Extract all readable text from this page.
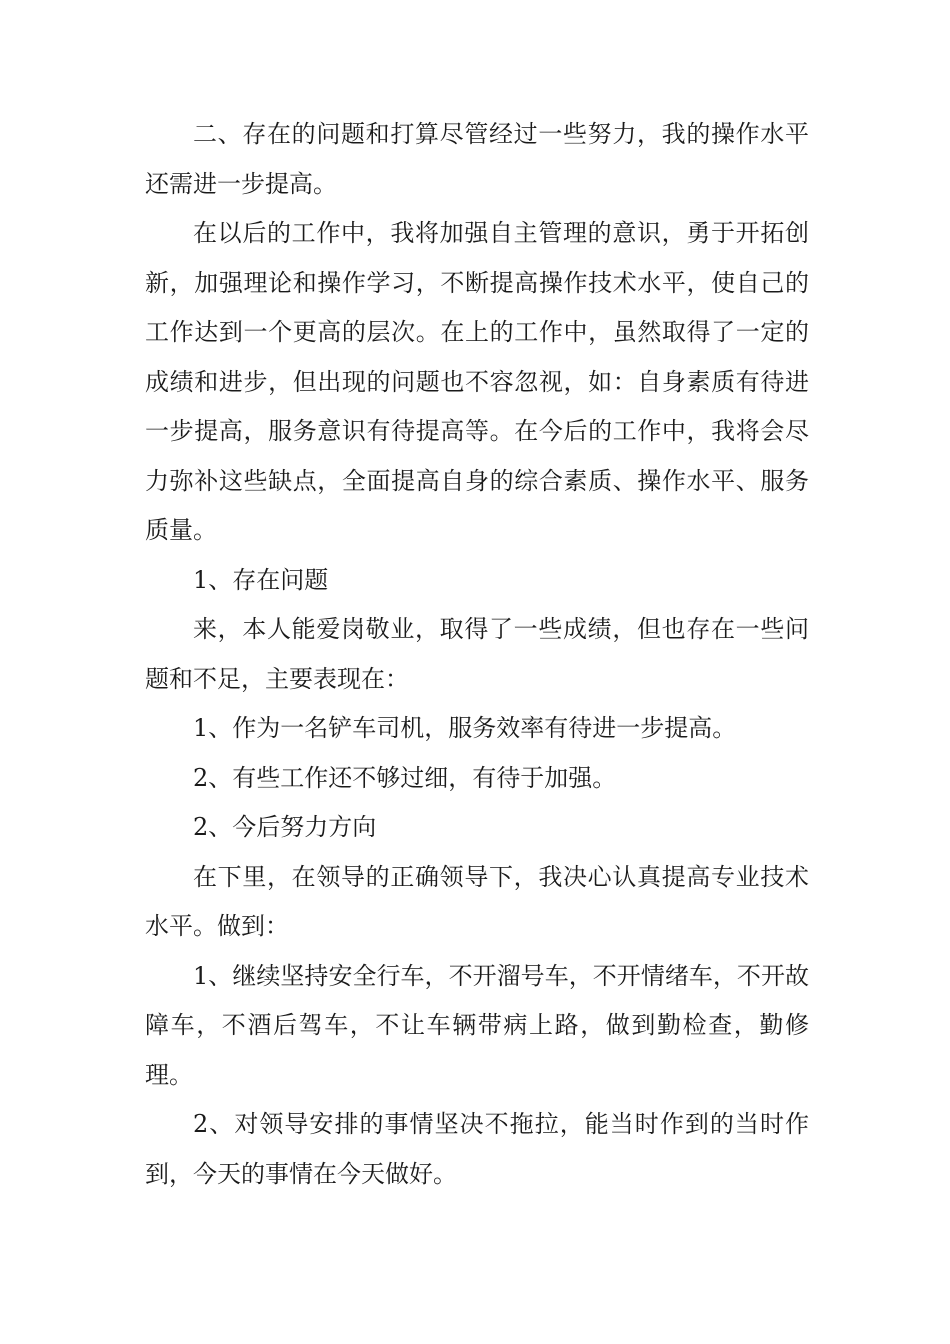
二、存在的问题和打算尽管经过一些努力，我的操作水平还需进一步提高。

在以后的工作中，我将加强自主管理的意识，勇于开拓创新，加强理论和操作学习，不断提高操作技术水平，使自己的工作达到一个更高的层次。在上的工作中，虽然取得了一定的成绩和进步，但出现的问题也不容忽视，如：自身素质有待进一步提高，服务意识有待提高等。在今后的工作中，我将会尽力弥补这些缺点，全面提高自身的综合素质、操作水平、服务质量。

1、存在问题

来，本人能爱岗敬业，取得了一些成绩，但也存在一些问题和不足，主要表现在：

1、作为一名铲车司机，服务效率有待进一步提高。

2、有些工作还不够过细，有待于加强。

2、今后努力方向

在下里，在领导的正确领导下，我决心认真提高专业技术水平。做到：

1、继续坚持安全行车，不开溜号车，不开情绪车，不开故障车，不酒后驾车，不让车辆带病上路，做到勤检查，勤修理。

2、对领导安排的事情坚决不拖拉，能当时作到的当时作到，今天的事情在今天做好。
